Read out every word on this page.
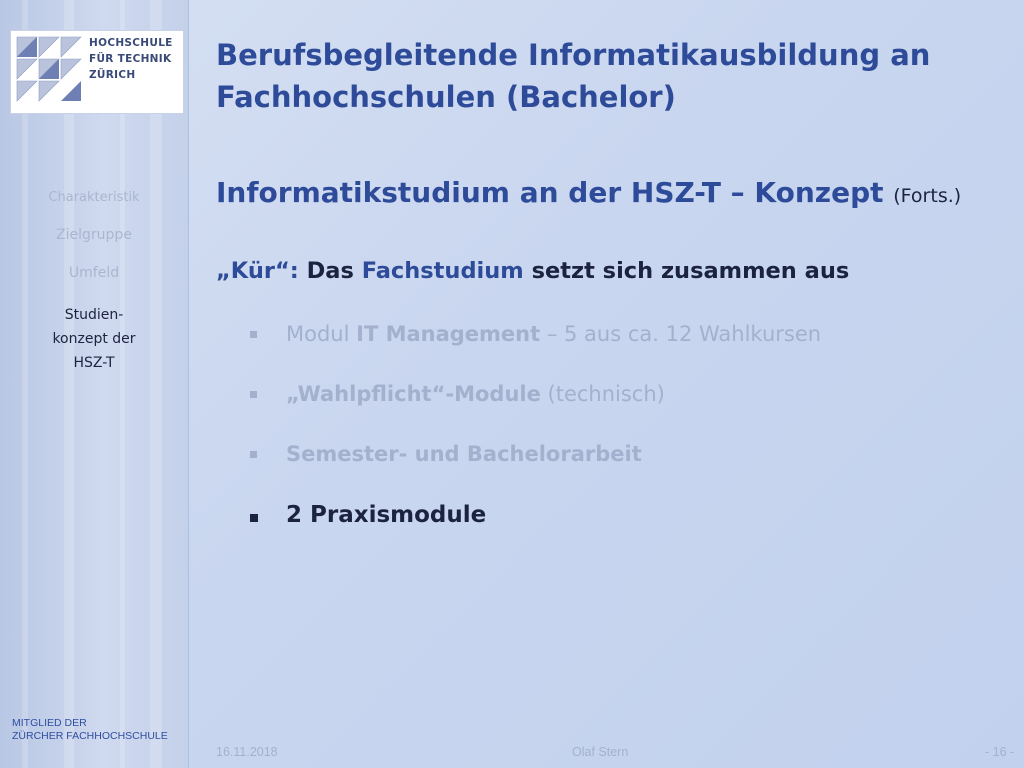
HOCHSCHULE
FÜR TECHNIK
ZÜRICH
Charakteristik
Zielgruppe
Umfeld
Studien-
konzept der
HSZ-T
MITGLIED DER
ZÜRCHER FACHHOCHSCHULE
Berufsbegleitende Informatikausbildung an Fachhochschulen (Bachelor)
Informatikstudium an der HSZ-T – Konzept (Forts.)
„Kür“: Das Fachstudium setzt sich zusammen aus
Modul IT Management – 5 aus ca. 12 Wahlkursen
„Wahlpflicht“-Module (technisch)
Semester- und Bachelorarbeit
2 Praxismodule
16.11.2018	Olaf Stern	- 16 -
